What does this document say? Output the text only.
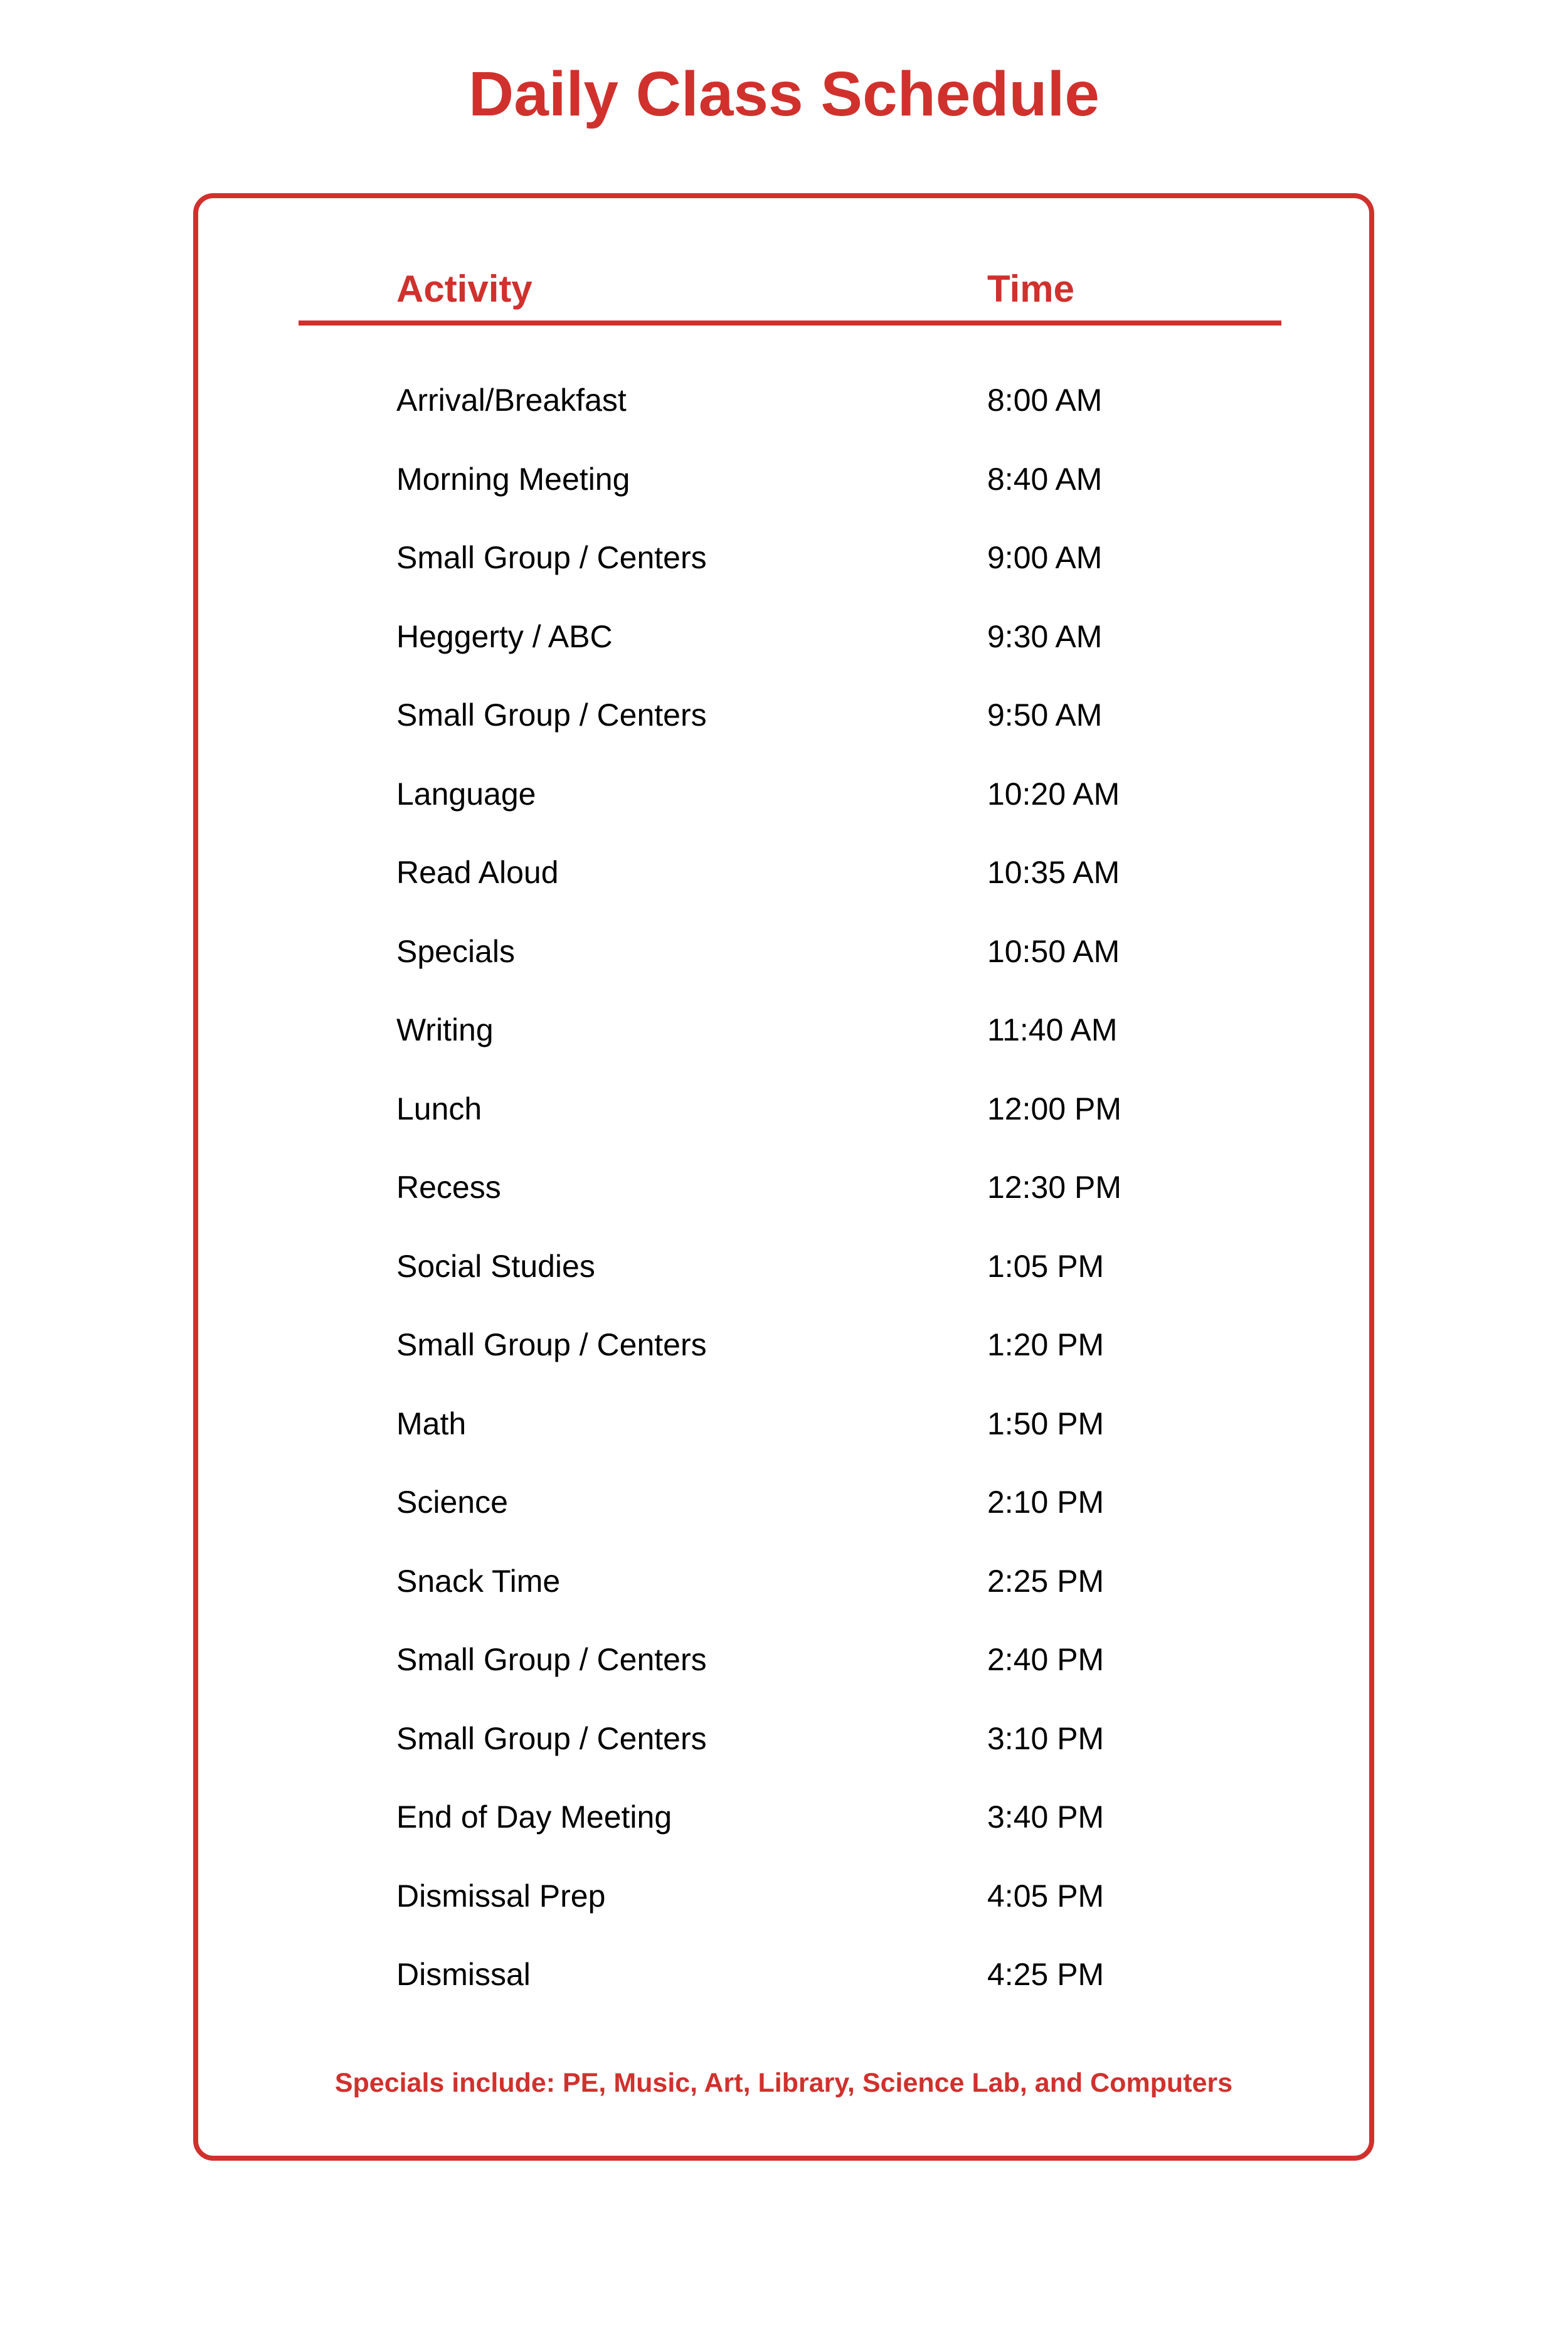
Daily Class Schedule
Activity	Time
Arrival/Breakfast	8:00 AM
Morning Meeting	8:40 AM
Small Group / Centers	9:00 AM
Heggerty / ABC	9:30 AM
Small Group / Centers	9:50 AM
Language	10:20 AM
Read Aloud	10:35 AM
Specials	10:50 AM
Writing	11:40 AM
Lunch	12:00 PM
Recess	12:30 PM
Social Studies	1:05 PM
Small Group / Centers	1:20 PM
Math	1:50 PM
Science	2:10 PM
Snack Time	2:25 PM
Small Group / Centers	2:40 PM
Small Group / Centers	3:10 PM
End of Day Meeting	3:40 PM
Dismissal Prep	4:05 PM
Dismissal	4:25 PM
Specials include: PE, Music, Art, Library, Science Lab, and Computers
